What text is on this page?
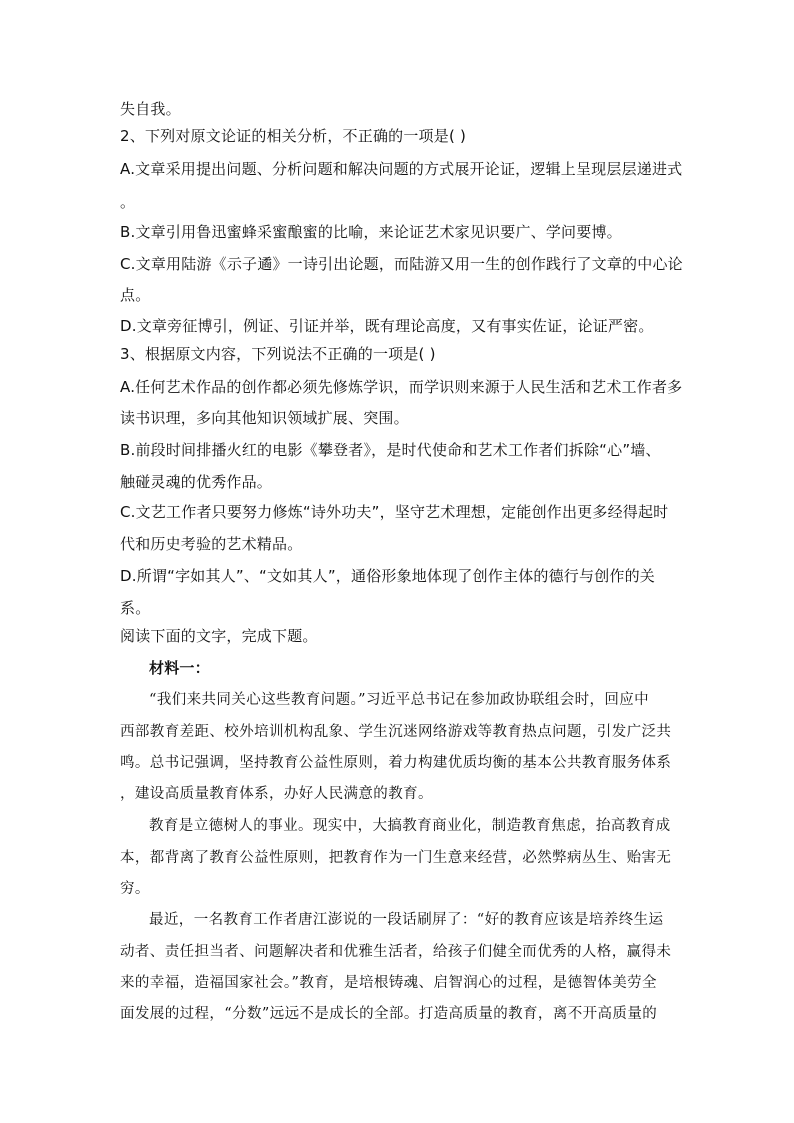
失自我。
2、下列对原文论证的相关分析，不正确的一项是( )
A.文章采用提出问题、分析问题和解决问题的方式展开论证，逻辑上呈现层层递进式
。
B.文章引用鲁迅蜜蜂采蜜酿蜜的比喻，来论证艺术家见识要广、学问要博。
C.文章用陆游《示子遹》一诗引出论题，而陆游又用一生的创作践行了文章的中心论
点。
D.文章旁征博引，例证、引证并举，既有理论高度，又有事实佐证，论证严密。
3、根据原文内容，下列说法不正确的一项是( )
A.任何艺术作品的创作都必须先修炼学识，而学识则来源于人民生活和艺术工作者多
读书识理，多向其他知识领域扩展、突围。
B.前段时间排播火红的电影《攀登者》，是时代使命和艺术工作者们拆除“心”墙、
触碰灵魂的优秀作品。
C.文艺工作者只要努力修炼“诗外功夫”，坚守艺术理想，定能创作出更多经得起时
代和历史考验的艺术精品。
D.所谓“字如其人”、“文如其人”，通俗形象地体现了创作主体的德行与创作的关
系。
阅读下面的文字，完成下题。
材料一：
“我们来共同关心这些教育问题。”习近平总书记在参加政协联组会时，回应中
西部教育差距、校外培训机构乱象、学生沉迷网络游戏等教育热点问题，引发广泛共
鸣。总书记强调，坚持教育公益性原则，着力构建优质均衡的基本公共教育服务体系
，建设高质量教育体系，办好人民满意的教育。
教育是立德树人的事业。现实中，大搞教育商业化，制造教育焦虑，抬高教育成
本，都背离了教育公益性原则，把教育作为一门生意来经营，必然弊病丛生、贻害无
穷。
最近，一名教育工作者唐江澎说的一段话刷屏了：“好的教育应该是培养终生运
动者、责任担当者、问题解决者和优雅生活者，给孩子们健全而优秀的人格，赢得未
来的幸福，造福国家社会。”教育，是培根铸魂、启智润心的过程，是德智体美劳全
面发展的过程，“分数”远远不是成长的全部。打造高质量的教育，离不开高质量的
